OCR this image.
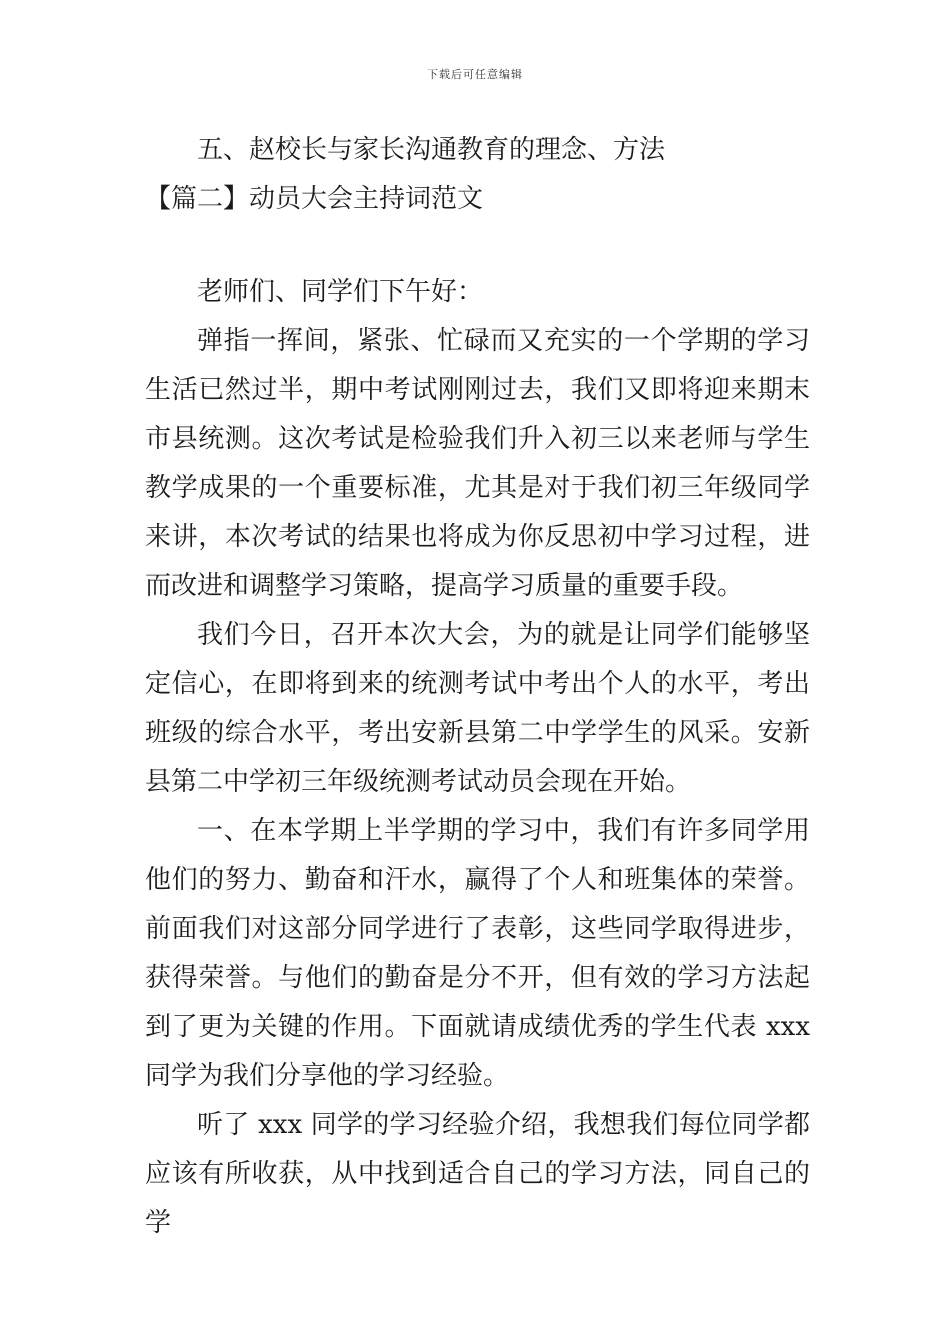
下载后可任意编辑
五、赵校长与家长沟通教育的理念、方法
【篇二】动员大会主持词范文
老师们、同学们下午好：

弹指一挥间，紧张、忙碌而又充实的一个学期的学习生活已然过半，期中考试刚刚过去，我们又即将迎来期末市县统测。这次考试是检验我们升入初三以来老师与学生教学成果的一个重要标准，尤其是对于我们初三年级同学来讲，本次考试的结果也将成为你反思初中学习过程，进而改进和调整学习策略，提高学习质量的重要手段。

我们今日，召开本次大会，为的就是让同学们能够坚定信心，在即将到来的统测考试中考出个人的水平，考出班级的综合水平，考出安新县第二中学学生的风采。安新县第二中学初三年级统测考试动员会现在开始。

一、在本学期上半学期的学习中，我们有许多同学用他们的努力、勤奋和汗水，赢得了个人和班集体的荣誉。前面我们对这部分同学进行了表彰，这些同学取得进步，获得荣誉。与他们的勤奋是分不开，但有效的学习方法起到了更为关键的作用。下面就请成绩优秀的学生代表 xxx 同学为我们分享他的学习经验。

听了 xxx 同学的学习经验介绍，我想我们每位同学都应该有所收获，从中找到适合自己的学习方法，同自己的学
